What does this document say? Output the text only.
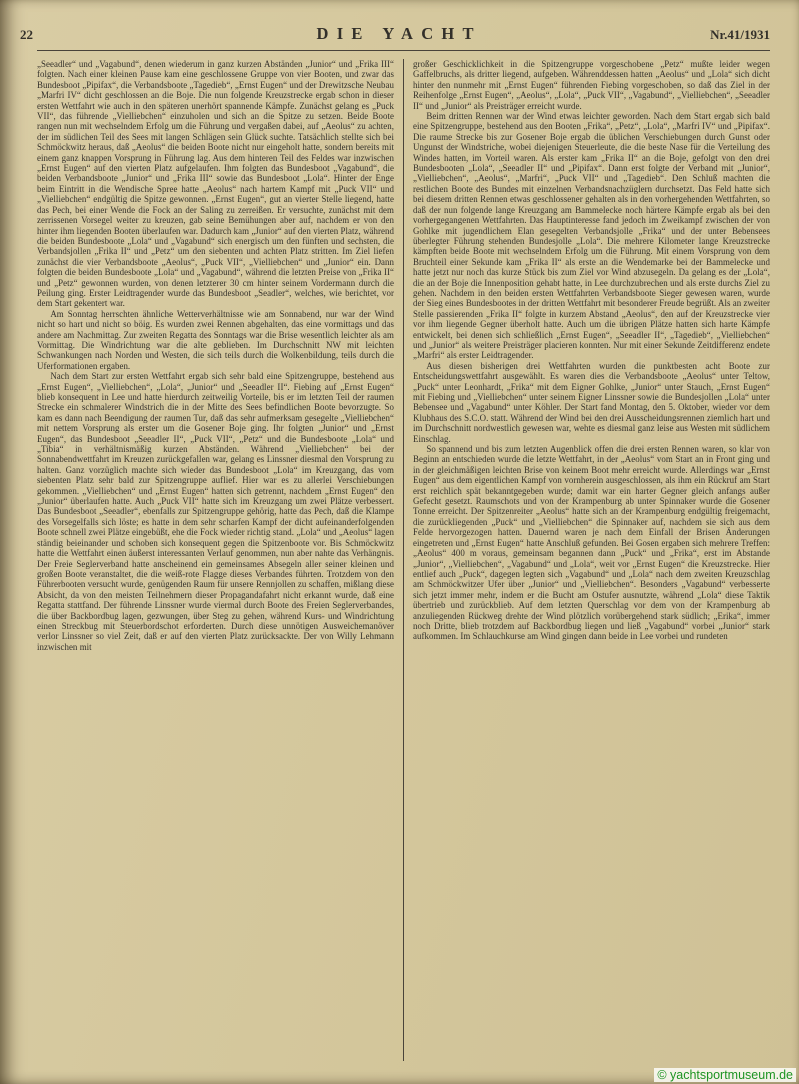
22	DIE YACHT	Nr.41/1931

„Seeadler“ und „Vagabund“, denen wiederum in ganz kurzen Abständen „Junior“ und „Frika III“ folgten. Nach einer kleinen Pause kam eine geschlossene Gruppe von vier Booten, und zwar das Bundesboot „Pipifax“, die Verbandsboote „Tagedieb“, „Ernst Eugen“ und der Drewitzsche Neubau „Marfri IV“ dicht geschlossen an die Boje. Die nun folgende Kreuzstrecke ergab schon in dieser ersten Wettfahrt wie auch in den späteren unerhört spannende Kämpfe. Zunächst gelang es „Puck VII“, das führende „Vielliebchen“ einzuholen und sich an die Spitze zu setzen. Beide Boote rangen nun mit wechselndem Erfolg um die Führung und vergaßen dabei, auf „Aeolus“ zu achten, der im südlichen Teil des Sees mit langen Schlägen sein Glück suchte. Tatsächlich stellte sich bei Schmöckwitz heraus, daß „Aeolus“ die beiden Boote nicht nur eingeholt hatte, sondern bereits mit einem ganz knappen Vorsprung in Führung lag. Aus dem hinteren Teil des Feldes war inzwischen „Ernst Eugen“ auf den vierten Platz aufgelaufen. Ihm folgten das Bundesboot „Vagabund“, die beiden Verbandsboote „Junior“ und „Frika III“ sowie das Bundesboot „Lola“. Hinter der Enge beim Eintritt in die Wendische Spree hatte „Aeolus“ nach hartem Kampf mit „Puck VII“ und „Vielliebchen“ endgültig die Spitze gewonnen. „Ernst Eugen“, gut an vierter Stelle liegend, hatte das Pech, bei einer Wende die Fock an der Saling zu zerreißen. Er versuchte, zunächst mit dem zerrissenen Vorsegel weiter zu kreuzen, gab seine Bemühungen aber auf, nachdem er von den hinter ihm liegenden Booten überlaufen war. Dadurch kam „Junior“ auf den vierten Platz, während die beiden Bundesboote „Lola“ und „Vagabund“ sich energisch um den fünften und sechsten, die Verbandsjollen „Frika II“ und „Petz“ um den siebenten und achten Platz stritten. Im Ziel liefen zunächst die vier Verbandsboote „Aeolus“, „Puck VII“, „Vielliebchen“ und „Junior“ ein. Dann folgten die beiden Bundesboote „Lola“ und „Vagabund“, während die letzten Preise von „Frika II“ und „Petz“ gewonnen wurden, von denen letzterer 30 cm hinter seinem Vordermann durch die Peilung ging. Erster Leidtragender wurde das Bundesboot „Seadler“, welches, wie berichtet, vor dem Start gekentert war.

Am Sonntag herrschten ähnliche Wetterverhältnisse wie am Sonnabend, nur war der Wind nicht so hart und nicht so böig. Es wurden zwei Rennen abgehalten, das eine vormittags und das andere am Nachmittag. Zur zweiten Regatta des Sonntags war die Brise wesentlich leichter als am Vormittag. Die Windrichtung war die alte geblieben. Im Durchschnitt NW mit leichten Schwankungen nach Norden und Westen, die sich teils durch die Wolkenbildung, teils durch die Uferformationen ergaben.

Nach dem Start zur ersten Wettfahrt ergab sich sehr bald eine Spitzengruppe, bestehend aus „Ernst Eugen“, „Vielliebchen“, „Lola“, „Junior“ und „Seeadler II“. Fiebing auf „Ernst Eugen“ blieb konsequent in Lee und hatte hierdurch zeitweilig Vorteile, bis er im letzten Teil der raumen Strecke ein schmalerer Windstrich die in der Mitte des Sees befindlichen Boote bevorzugte. So kam es dann nach Beendigung der raumen Tur, daß das sehr aufmerksam gesegelte „Vielliebchen“ mit nettem Vorsprung als erster um die Gosener Boje ging. Ihr folgten „Junior“ und „Ernst Eugen“, das Bundesboot „Seeadler II“, „Puck VII“, „Petz“ und die Bundesboote „Lola“ und „Tibia“ in verhältnismäßig kurzen Abständen. Während „Vielliebchen“ bei der Sonnabendwettfahrt im Kreuzen zurückgefallen war, gelang es Linssner diesmal den Vorsprung zu halten. Ganz vorzüglich machte sich wieder das Bundesboot „Lola“ im Kreuzgang, das vom siebenten Platz sehr bald zur Spitzengruppe auflief. Hier war es zu allerlei Verschiebungen gekommen. „Vielliebchen“ und „Ernst Eugen“ hatten sich getrennt, nachdem „Ernst Eugen“ den „Junior“ überlaufen hatte. Auch „Puck VII“ hatte sich im Kreuzgang um zwei Plätze verbessert. Das Bundesboot „Seeadler“, ebenfalls zur Spitzengruppe gehörig, hatte das Pech, daß die Klampe des Vorsegelfalls sich löste; es hatte in dem sehr scharfen Kampf der dicht aufeinanderfolgenden Boote schnell zwei Plätze eingebüßt, ehe die Fock wieder richtig stand. „Lola“ und „Aeolus“ lagen ständig beieinander und schoben sich konsequent gegen die Spitzenboote vor. Bis Schmöckwitz hatte die Wettfahrt einen äußerst interessanten Verlauf genommen, nun aber nahte das Verhängnis. Der Freie Seglerverband hatte anscheinend ein gemeinsames Absegeln aller seiner kleinen und großen Boote veranstaltet, die die weiß-rote Flagge dieses Verbandes führten. Trotzdem von den Führerbooten versucht wurde, genügenden Raum für unsere Rennjollen zu schaffen, mißlang diese Absicht, da von den meisten Teilnehmern dieser Propagandafahrt nicht erkannt wurde, daß eine Regatta stattfand. Der führende Linssner wurde viermal durch Boote des Freien Seglerverbandes, die über Backbordbug lagen, gezwungen, über Steg zu gehen, während Kurs- und Windrichtung einen Streckbug mit Steuerbordschot erforderten. Durch diese unnötigen Ausweichemanöver verlor Linssner so viel Zeit, daß er auf den vierten Platz zurücksackte. Der von Willy Lehmann inzwischen mit

großer Geschicklichkeit in die Spitzengruppe vorgeschobene „Petz“ mußte leider wegen Gaffelbruchs, als dritter liegend, aufgeben. Währenddessen hatten „Aeolus“ und „Lola“ sich dicht hinter den nunmehr mit „Ernst Eugen“ führenden Fiebing vorgeschoben, so daß das Ziel in der Reihenfolge „Ernst Eugen“, „Aeolus“, „Lola“, „Puck VII“, „Vagabund“, „Vielliebchen“, „Seeadler II“ und „Junior“ als Preisträger erreicht wurde.

Beim dritten Rennen war der Wind etwas leichter geworden. Nach dem Start ergab sich bald eine Spitzengruppe, bestehend aus den Booten „Frika“, „Petz“, „Lola“, „Marfri IV“ und „Pipifax“. Die raume Strecke bis zur Gosener Boje ergab die üblichen Verschiebungen durch Gunst oder Ungunst der Windstriche, wobei diejenigen Steuerleute, die die beste Nase für die Verteilung des Windes hatten, im Vorteil waren. Als erster kam „Frika II“ an die Boje, gefolgt von den drei Bundesbooten „Lola“, „Seeadler II“ und „Pipifax“. Dann erst folgte der Verband mit „Junior“, „Vielliebchen“, „Aeolus“, „Marfri“, „Puck VII“ und „Tagedieb“. Den Schluß machten die restlichen Boote des Bundes mit einzelnen Verbandsnachzüglern durchsetzt. Das Feld hatte sich bei diesem dritten Rennen etwas geschlossener gehalten als in den vorhergehenden Wettfahrten, so daß der nun folgende lange Kreuzgang am Bammelecke noch härtere Kämpfe ergab als bei den vorhergegangenen Wettfahrten. Das Hauptinteresse fand jedoch im Zweikampf zwischen der von Gohlke mit jugendlichem Elan gesegelten Verbandsjolle „Frika“ und der unter Bebensees überlegter Führung stehenden Bundesjolle „Lola“. Die mehrere Kilometer lange Kreuzstrecke kämpften beide Boote mit wechselndem Erfolg um die Führung. Mit einem Vorsprung von dem Bruchteil einer Sekunde kam „Frika II“ als erste an die Wendemarke bei der Bammelecke und hatte jetzt nur noch das kurze Stück bis zum Ziel vor Wind abzusegeln. Da gelang es der „Lola“, die an der Boje die Innenposition gehabt hatte, in Lee durchzubrechen und als erste durchs Ziel zu gehen. Nachdem in den beiden ersten Wettfahrten Verbandsboote Sieger gewesen waren, wurde der Sieg eines Bundesbootes in der dritten Wettfahrt mit besonderer Freude begrüßt. Als an zweiter Stelle passierenden „Frika II“ folgte in kurzem Abstand „Aeolus“, den auf der Kreuzstrecke vier vor ihm liegende Gegner überholt hatte. Auch um die übrigen Plätze hatten sich harte Kämpfe entwickelt, bei denen sich schließlich „Ernst Eugen“, „Seeadler II“, „Tagedieb“, „Vielliebchen“ und „Junior“ als weitere Preisträger placieren konnten. Nur mit einer Sekunde Zeitdifferenz endete „Marfri“ als erster Leidtragender.

Aus diesen bisherigen drei Wettfahrten wurden die punktbesten acht Boote zur Entscheidungswettfahrt ausgewählt. Es waren dies die Verbandsboote „Aeolus“ unter Teltow, „Puck“ unter Leonhardt, „Frika“ mit dem Eigner Gohlke, „Junior“ unter Stauch, „Ernst Eugen“ mit Fiebing und „Vielliebchen“ unter seinem Eigner Linssner sowie die Bundesjollen „Lola“ unter Bebensee und „Vagabund“ unter Köhler. Der Start fand Montag, den 5. Oktober, wieder vor dem Klubhaus des S.C.O. statt. Während der Wind bei den drei Ausscheidungsrennen ziemlich hart und im Durchschnitt nordwestlich gewesen war, wehte es diesmal ganz leise aus Westen mit südlichem Einschlag.

So spannend und bis zum letzten Augenblick offen die drei ersten Rennen waren, so klar von Beginn an entschieden wurde die letzte Wettfahrt, in der „Aeolus“ vom Start an in Front ging und in der gleichmäßigen leichten Brise von keinem Boot mehr erreicht wurde. Allerdings war „Ernst Eugen“ aus dem eigentlichen Kampf von vornherein ausgeschlossen, als ihm ein Rückruf am Start erst reichlich spät bekanntgegeben wurde; damit war ein harter Gegner gleich anfangs außer Gefecht gesetzt. Raumschots und von der Krampenburg ab unter Spinnaker wurde die Gosener Tonne erreicht. Der Spitzenreiter „Aeolus“ hatte sich an der Krampenburg endgültig freigemacht, die zurückliegenden „Puck“ und „Vielliebchen“ die Spinnaker auf, nachdem sie sich aus dem Felde hervorgezogen hatten. Dauernd waren je nach dem Einfall der Brisen Änderungen eingetreten und „Ernst Eugen“ hatte Anschluß gefunden. Bei Gosen ergaben sich mehrere Treffen: „Aeolus“ 400 m voraus, gemeinsam begannen dann „Puck“ und „Frika“, erst im Abstande „Junior“, „Vielliebchen“, „Vagabund“ und „Lola“, weit vor „Ernst Eugen“ die Kreuzstrecke. Hier entlief auch „Puck“, dagegen legten sich „Vagabund“ und „Lola“ nach dem zweiten Kreuzschlag am Schmöckwitzer Ufer über „Junior“ und „Vielliebchen“. Besonders „Vagabund“ verbesserte sich jetzt immer mehr, indem er die Bucht am Ostufer ausnutzte, während „Lola“ diese Taktik übertrieb und zurückblieb. Auf dem letzten Querschlag vor dem von der Krampenburg ab anzuliegenden Rückweg drehte der Wind plötzlich vorübergehend stark südlich; „Erika“, immer noch Dritte, blieb trotzdem auf Backbordbug liegen und ließ „Vagabund“ vorbei „Junior“ stark aufkommen. Im Schlauchkurse am Wind gingen dann beide in Lee vorbei und rundeten

© yachtsportmuseum.de
